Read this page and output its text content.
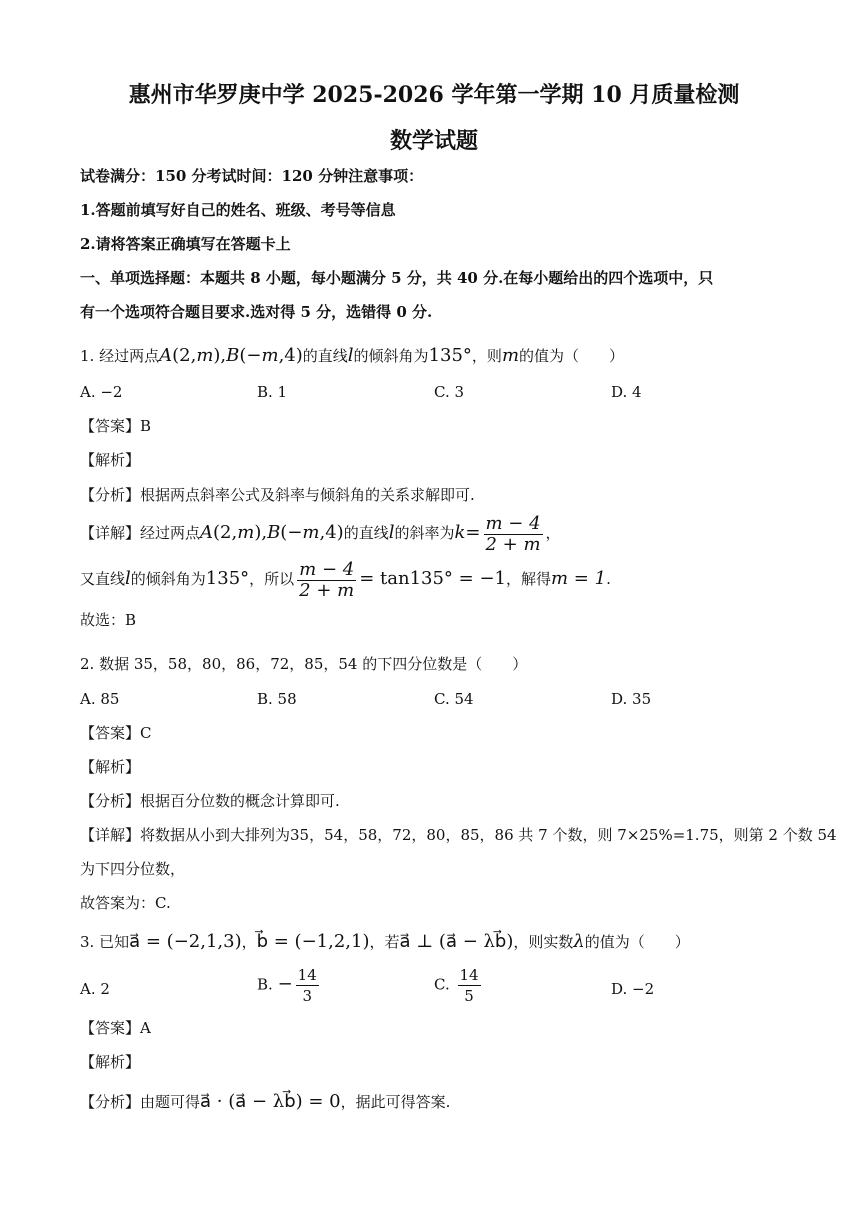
惠州市华罗庚中学 2025-2026 学年第一学期 10 月质量检测
数学试题
试卷满分：150 分考试时间：120 分钟注意事项：
1.答题前填写好自己的姓名、班级、考号等信息
2.请将答案正确填写在答题卡上
一、单项选择题：本题共 8 小题，每小题满分 5 分，共 40 分.在每小题给出的四个选项中，只
有一个选项符合题目要求.选对得 5 分，选错得 0 分.
1. 经过两点A(2,m),B(−m,4)的直线l的倾斜角为135°，则m的值为（　　）
A. −2	B. 1	C. 3	D. 4
【答案】B
【解析】
【分析】根据两点斜率公式及斜率与倾斜角的关系求解即可.
【详解】经过两点A(2,m),B(−m,4)的直线l的斜率为$k= \frac{m - 4}{2 + m}$ ，
又直线l的倾斜角为135°，所以 $\frac{m - 4}{2 + m} = \tan 135^\circ = -1$，解得m = 1.
故选：B
2. 数据 35，58，80，86，72，85，54 的下四分位数是（　　）
A. 85	B. 58	C. 54	D. 35
【答案】C
【解析】
【分析】根据百分位数的概念计算即可.
【详解】将数据从小到大排列为35，54，58，72，80，85，86 共 7 个数，则 7×25%=1.75，则第 2 个数 54
为下四分位数，
故答案为：C.
3. 已知a⃗ = (−2,1,3)，b⃗ = (−1,2,1)，若a⃗ ⊥ (a⃗ − λb⃗)，则实数λ的值为（　　）
A. 2	B. − $\frac{14}{3}$	C. $\frac{14}{5}$	D. −2
【答案】A
【解析】
【分析】由题可得a⃗ · (a⃗ − λb⃗) = 0，据此可得答案.
